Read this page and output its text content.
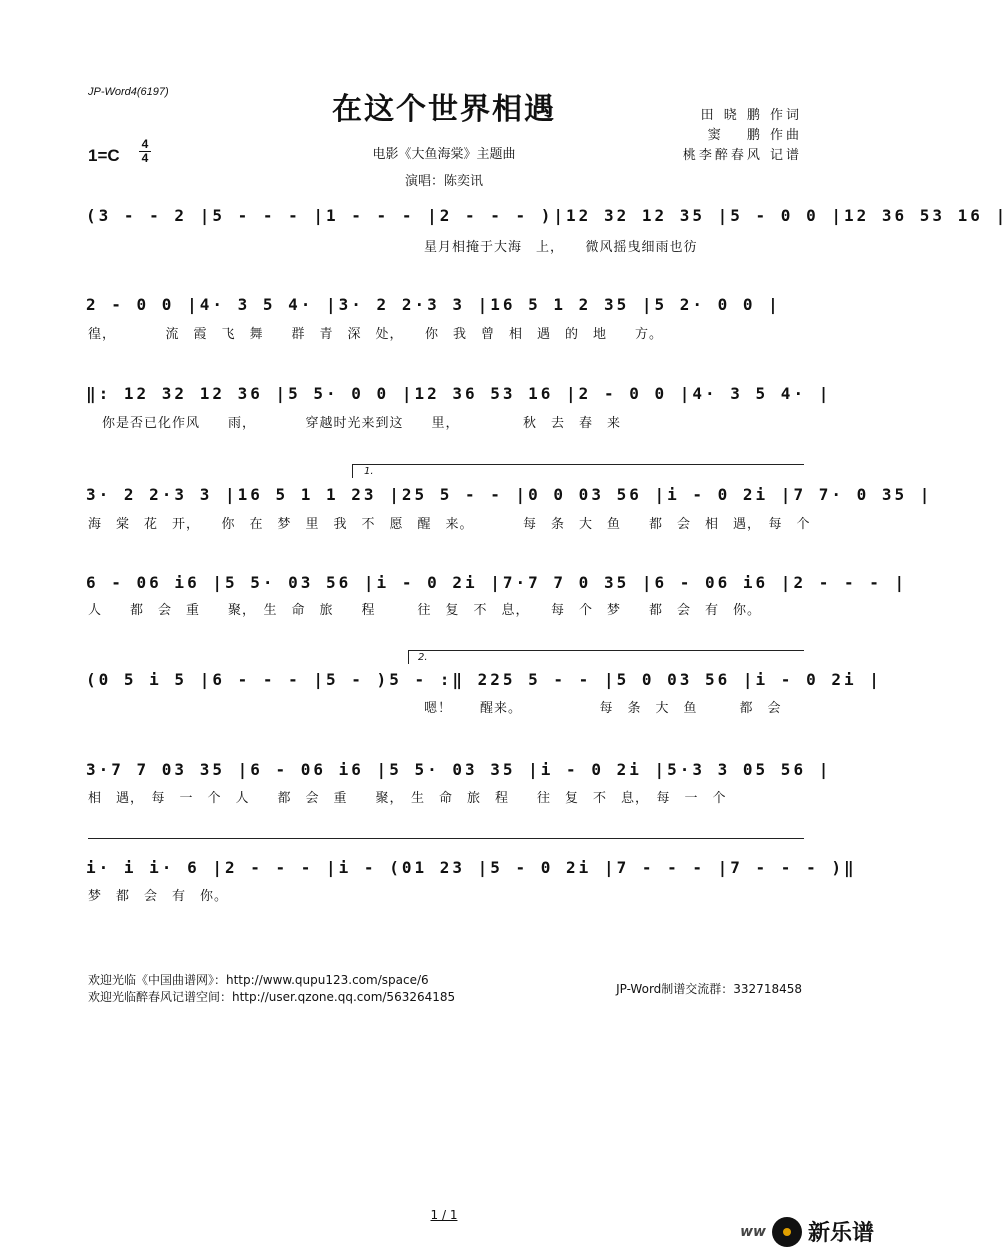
JP-Word4(6197)	在这个世界相遇
1=C
4
4	电影《大鱼海棠》主题曲
演唱：陈奕讯
田 晓 鹏 作词
窦　 鹏 作曲
桃李醉春风 记谱
(3 - - 2 |5 - - - |1 - - - |2 - - - )|12 32 12 35 |5 - 0 0 |12 36 53 16 |
　　　　　　　　　　　　　　　　　　　　　　　　星月相掩于大海　上，　　微风摇曳细雨也彷
2 - 0 0 |4· 3 5 4· |3· 2 2·3 3 |16 5 1 2 35 |5 2· 0 0 |
徨，　　　　流　霞　飞　舞　　群　青　深　处，　　你　我　曾　相　遇　的　地　　方。
‖: 12 32 12 36 |5 5· 0 0 |12 36 53 16 |2 - 0 0 |4· 3 5 4· |
　你是否已化作风　　雨，　　　　穿越时光来到这　　里，　　　　　秋　去　春　来
1.
3· 2 2·3 3 |16 5 1 1 23 |25 5 - - |0 0 03 56 |i - 0 2i |7 7· 0 35 |
海　棠　花　开，　　你　在　梦　里　我　不　愿　醒　来。　　　　每　条　大　鱼　　都　会　相　遇，　每　个
6 - 06 i6 |5 5· 03 56 |i - 0 2i |7·7 7 0 35 |6 - 06 i6 |2 - - - |
人　　都　会　重　　聚，　生　命　旅　　程　　　往　复　不　息，　　每　个　梦　　都　会　有　你。
2.
(0 5 i 5 |6 - - - |5 - )5 - :‖ 225 5 - - |5 0 03 56 |i - 0 2i |
　　　　　　　　　　　　　　　　　　　　　　　　嗯！　　醒来。　　　　　　每　条　大　鱼　　　都　会
3·7 7 03 35 |6 - 06 i6 |5 5· 03 35 |i - 0 2i |5·3 3 05 56 |
相　遇，　每　一　个　人　　都　会　重　　聚，　生　命　旅　程　　往　复　不　息，　每　一　个
i· i i· 6 |2 - - - |i - (01 23 |5 - 0 2i |7 - - - |7 - - - )‖
梦　都　会　有　你。
欢迎光临《中国曲谱网》：http://www.qupu123.com/space/6
欢迎光临醉春风记谱空间：http://user.qzone.qq.com/563264185
JP-Word制谱交流群：332718458
1 / 1
ww 新乐谱
